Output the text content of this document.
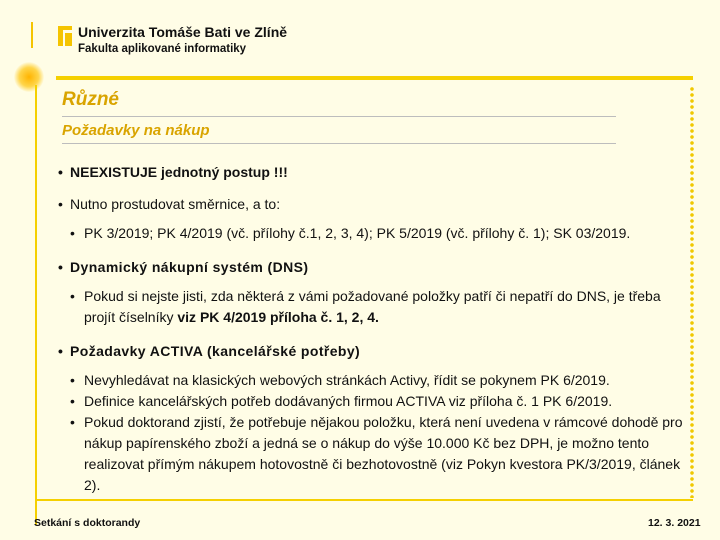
Univerzita Tomáše Bati ve Zlíně
Fakulta aplikované informatiky
Různé
Požadavky na nákup
• NEEXISTUJE jednotný postup !!!
• Nutno prostudovat směrnice, a to:
• PK 3/2019; PK 4/2019 (vč. přílohy č.1, 2, 3, 4); PK 5/2019 (vč. přílohy č. 1); SK 03/2019.
• Dynamický nákupní systém (DNS)
• Pokud si nejste jisti, zda některá z vámi požadované položky patří či nepatří do DNS, je třeba projít číselníky viz PK 4/2019 příloha č. 1, 2, 4.
• Požadavky ACTIVA (kancelářské potřeby)
• Nevyhledávat na klasických webových stránkách Activy, řídit se pokynem PK 6/2019.
• Definice kancelářských potřeb dodávaných firmou ACTIVA viz příloha č. 1 PK 6/2019.
• Pokud doktorand zjistí, že potřebuje nějakou položku, která není uvedena v rámcové dohodě pro nákup papírenského zboží a jedná se o nákup do výše 10.000 Kč bez DPH, je možno tento realizovat přímým nákupem hotovostně či bezhotovostně (viz Pokyn kvestora PK/3/2019, článek 2).
Setkání s doktorandy	12. 3. 2021
